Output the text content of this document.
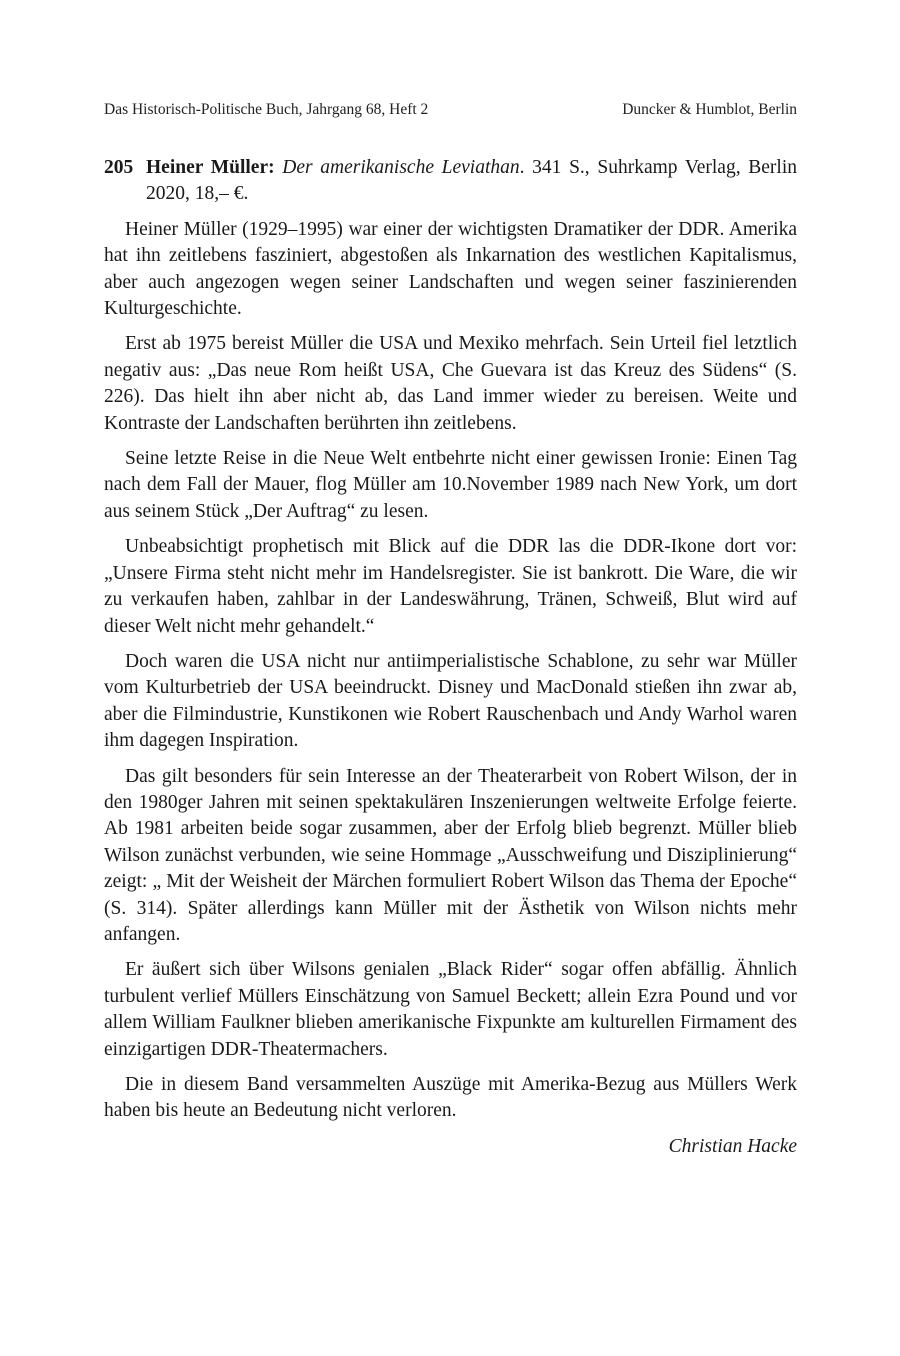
Das Historisch-Politische Buch, Jahrgang 68, Heft 2	Duncker & Humblot, Berlin
205 Heiner Müller: Der amerikanische Leviathan. 341 S., Suhrkamp Verlag, Berlin 2020, 18,– €.

Heiner Müller (1929–1995) war einer der wichtigsten Dramatiker der DDR. Amerika hat ihn zeitlebens fasziniert, abgestoßen als Inkarnation des westlichen Kapitalismus, aber auch angezogen wegen seiner Landschaften und wegen seiner faszinierenden Kulturgeschichte.

Erst ab 1975 bereist Müller die USA und Mexiko mehrfach. Sein Urteil fiel letztlich negativ aus: „Das neue Rom heißt USA, Che Guevara ist das Kreuz des Südens“ (S. 226). Das hielt ihn aber nicht ab, das Land immer wieder zu bereisen. Weite und Kontraste der Landschaften berührten ihn zeitlebens.

Seine letzte Reise in die Neue Welt entbehrte nicht einer gewissen Ironie: Einen Tag nach dem Fall der Mauer, flog Müller am 10.November 1989 nach New York, um dort aus seinem Stück „Der Auftrag“ zu lesen.

Unbeabsichtigt prophetisch mit Blick auf die DDR las die DDR-Ikone dort vor: „Unsere Firma steht nicht mehr im Handelsregister. Sie ist bankrott. Die Ware, die wir zu verkaufen haben, zahlbar in der Landeswährung, Tränen, Schweiß, Blut wird auf dieser Welt nicht mehr gehandelt.“

Doch waren die USA nicht nur antiimperialistische Schablone, zu sehr war Müller vom Kulturbetrieb der USA beeindruckt. Disney und MacDonald stießen ihn zwar ab, aber die Filmindustrie, Kunstikonen wie Robert Rauschenbach und Andy Warhol waren ihm dagegen Inspiration.

Das gilt besonders für sein Interesse an der Theaterarbeit von Robert Wilson, der in den 1980ger Jahren mit seinen spektakulären Inszenierungen weltweite Erfolge feierte. Ab 1981 arbeiten beide sogar zusammen, aber der Erfolg blieb begrenzt. Müller blieb Wilson zunächst verbunden, wie seine Hommage „Ausschweifung und Disziplinierung“ zeigt: „ Mit der Weisheit der Märchen formuliert Robert Wilson das Thema der Epoche“ (S. 314). Später allerdings kann Müller mit der Ästhetik von Wilson nichts mehr anfangen.

Er äußert sich über Wilsons genialen „Black Rider“ sogar offen abfällig. Ähnlich turbulent verlief Müllers Einschätzung von Samuel Beckett; allein Ezra Pound und vor allem William Faulkner blieben amerikanische Fixpunkte am kulturellen Firmament des einzigartigen DDR-Theatermachers.

Die in diesem Band versammelten Auszüge mit Amerika-Bezug aus Müllers Werk haben bis heute an Bedeutung nicht verloren.

Christian Hacke
